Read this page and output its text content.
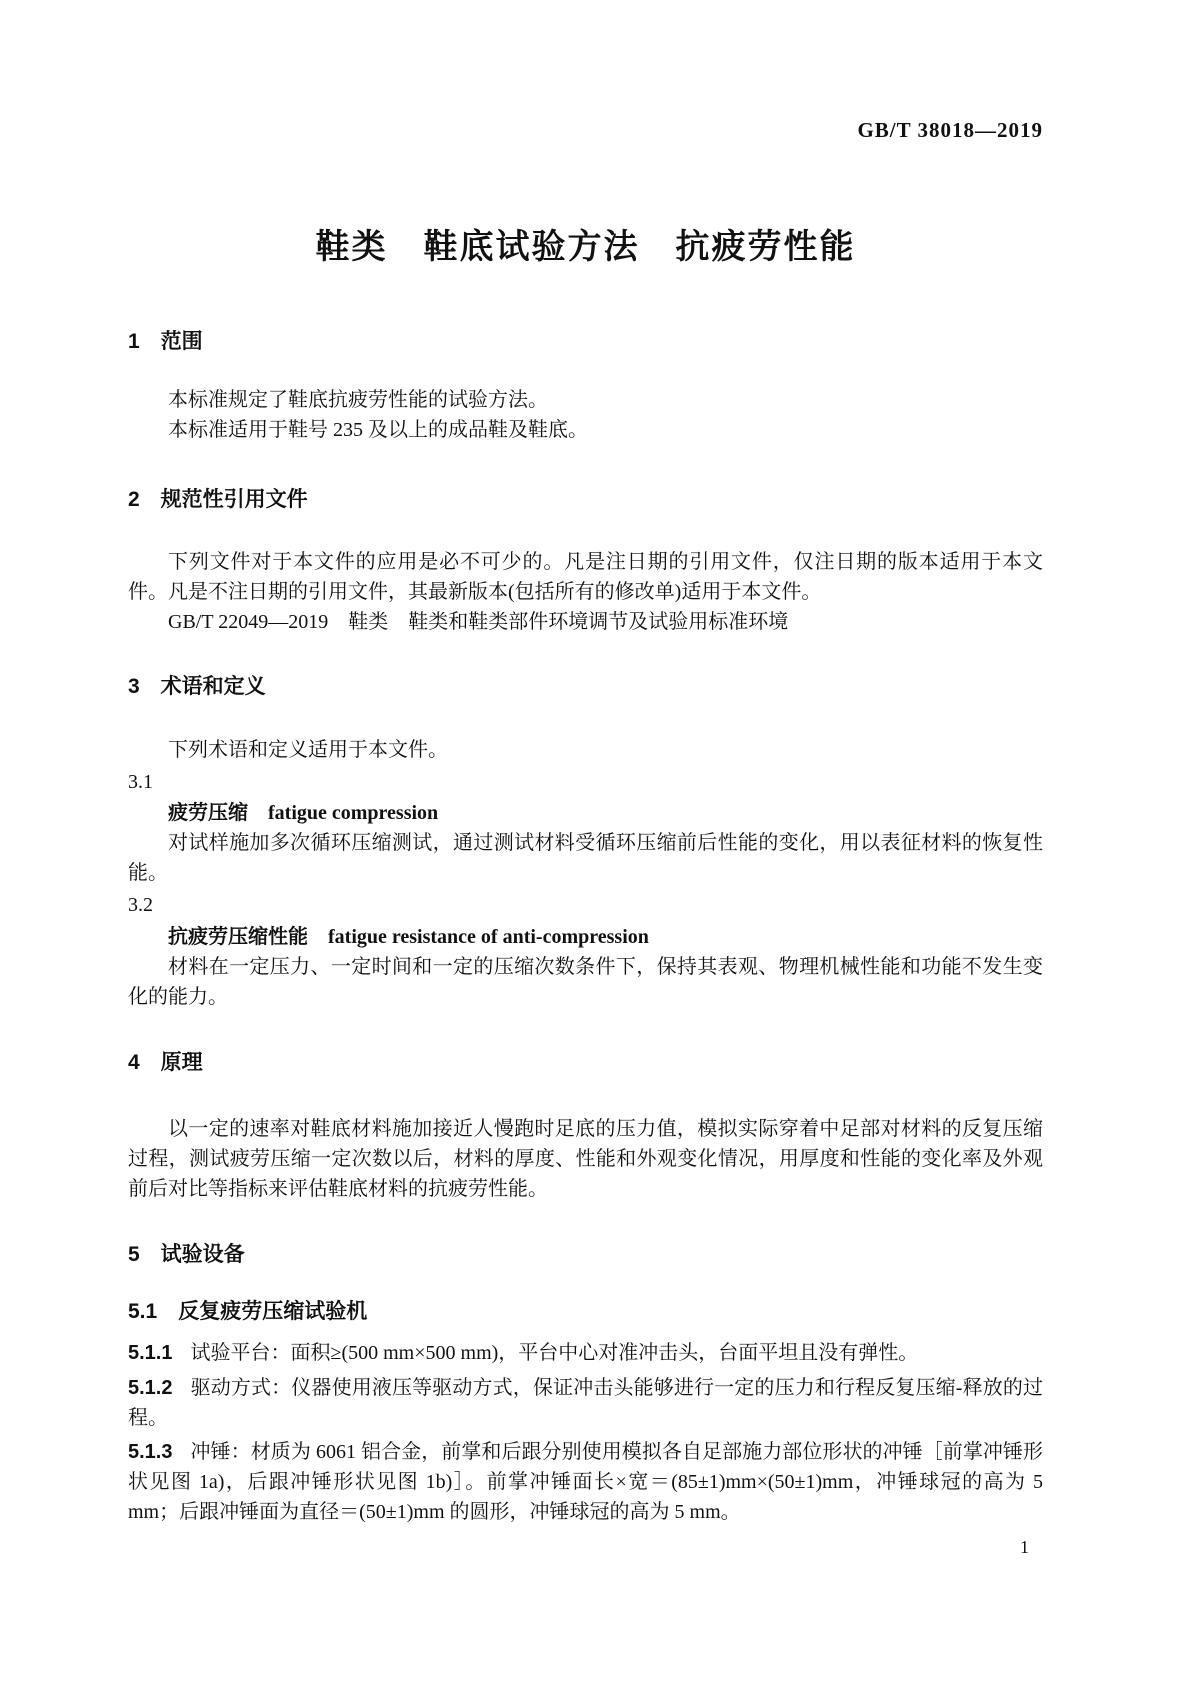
GB/T 38018—2019
鞋类　鞋底试验方法　抗疲劳性能
1　范围

本标准规定了鞋底抗疲劳性能的试验方法。

本标准适用于鞋号 235 及以上的成品鞋及鞋底。

2　规范性引用文件

下列文件对于本文件的应用是必不可少的。凡是注日期的引用文件，仅注日期的版本适用于本文件。凡是不注日期的引用文件，其最新版本(包括所有的修改单)适用于本文件。

GB/T 22049—2019　鞋类　鞋类和鞋类部件环境调节及试验用标准环境

3　术语和定义

下列术语和定义适用于本文件。

3.1
疲劳压缩　fatigue compression

对试样施加多次循环压缩测试，通过测试材料受循环压缩前后性能的变化，用以表征材料的恢复性能。

3.2
抗疲劳压缩性能　fatigue resistance of anti-compression

材料在一定压力、一定时间和一定的压缩次数条件下，保持其表观、物理机械性能和功能不发生变化的能力。

4　原理

以一定的速率对鞋底材料施加接近人慢跑时足底的压力值，模拟实际穿着中足部对材料的反复压缩过程，测试疲劳压缩一定次数以后，材料的厚度、性能和外观变化情况，用厚度和性能的变化率及外观前后对比等指标来评估鞋底材料的抗疲劳性能。

5　试验设备
5.1　反复疲劳压缩试验机

5.1.1 试验平台：面积≥(500 mm×500 mm)，平台中心对准冲击头，台面平坦且没有弹性。

5.1.2 驱动方式：仪器使用液压等驱动方式，保证冲击头能够进行一定的压力和行程反复压缩-释放的过程。

5.1.3 冲锤：材质为 6061 铝合金，前掌和后跟分别使用模拟各自足部施力部位形状的冲锤［前掌冲锤形状见图 1a)，后跟冲锤形状见图 1b)］。前掌冲锤面长×宽＝(85±1)mm×(50±1)mm，冲锤球冠的高为 5 mm；后跟冲锤面为直径＝(50±1)mm 的圆形，冲锤球冠的高为 5 mm。

1
